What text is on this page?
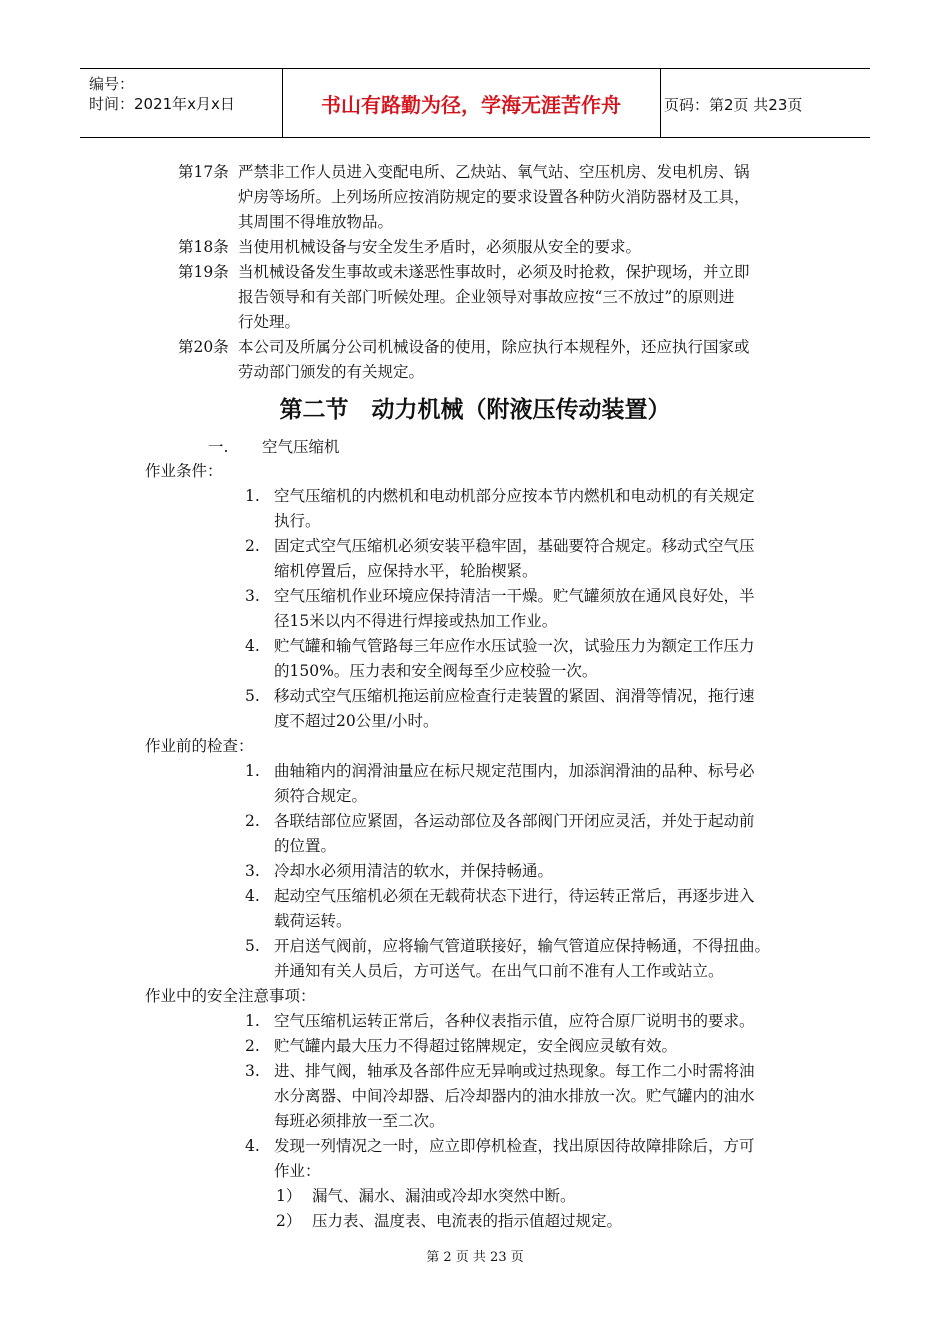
编号：
时间：2021年x月x日	书山有路勤为径，学海无涯苦作舟	页码：第2页 共23页
第17条 严禁非工作人员进入变配电所、乙炔站、氧气站、空压机房、发电机房、锅
炉房等场所。上列场所应按消防规定的要求设置各种防火消防器材及工具，
其周围不得堆放物品。
第18条 当使用机械设备与安全发生矛盾时，必须服从安全的要求。
第19条 当机械设备发生事故或未遂恶性事故时，必须及时抢救，保护现场，并立即
报告领导和有关部门听候处理。企业领导对事故应按“三不放过”的原则进
行处理。
第20条 本公司及所属分公司机械设备的使用，除应执行本规程外，还应执行国家或
劳动部门颁发的有关规定。
第二节　动力机械（附液压传动装置）
一. 空气压缩机
作业条件：
1. 空气压缩机的内燃机和电动机部分应按本节内燃机和电动机的有关规定
执行。
2. 固定式空气压缩机必须安装平稳牢固，基础要符合规定。移动式空气压
缩机停置后，应保持水平，轮胎楔紧。
3. 空气压缩机作业环境应保持清洁一干燥。贮气罐须放在通风良好处，半
径15米以内不得进行焊接或热加工作业。
4. 贮气罐和输气管路每三年应作水压试验一次，试验压力为额定工作压力
的150%。压力表和安全阀每至少应校验一次。
5. 移动式空气压缩机拖运前应检查行走装置的紧固、润滑等情况，拖行速
度不超过20公里/小时。
作业前的检查：
1. 曲轴箱内的润滑油量应在标尺规定范围内，加添润滑油的品种、标号必
须符合规定。
2. 各联结部位应紧固，各运动部位及各部阀门开闭应灵活，并处于起动前
的位置。
3. 冷却水必须用清洁的软水，并保持畅通。
4. 起动空气压缩机必须在无载荷状态下进行，待运转正常后，再逐步进入
载荷运转。
5. 开启送气阀前，应将输气管道联接好，输气管道应保持畅通，不得扭曲。
并通知有关人员后，方可送气。在出气口前不准有人工作或站立。
作业中的安全注意事项：
1. 空气压缩机运转正常后，各种仪表指示值，应符合原厂说明书的要求。
2. 贮气罐内最大压力不得超过铭牌规定，安全阀应灵敏有效。
3. 进、排气阀，轴承及各部件应无异响或过热现象。每工作二小时需将油
水分离器、中间冷却器、后冷却器内的油水排放一次。贮气罐内的油水
每班必须排放一至二次。
4. 发现一列情况之一时，应立即停机检查，找出原因待故障排除后，方可
作业：
1） 漏气、漏水、漏油或冷却水突然中断。
2） 压力表、温度表、电流表的指示值超过规定。
第 2 页 共 23 页
